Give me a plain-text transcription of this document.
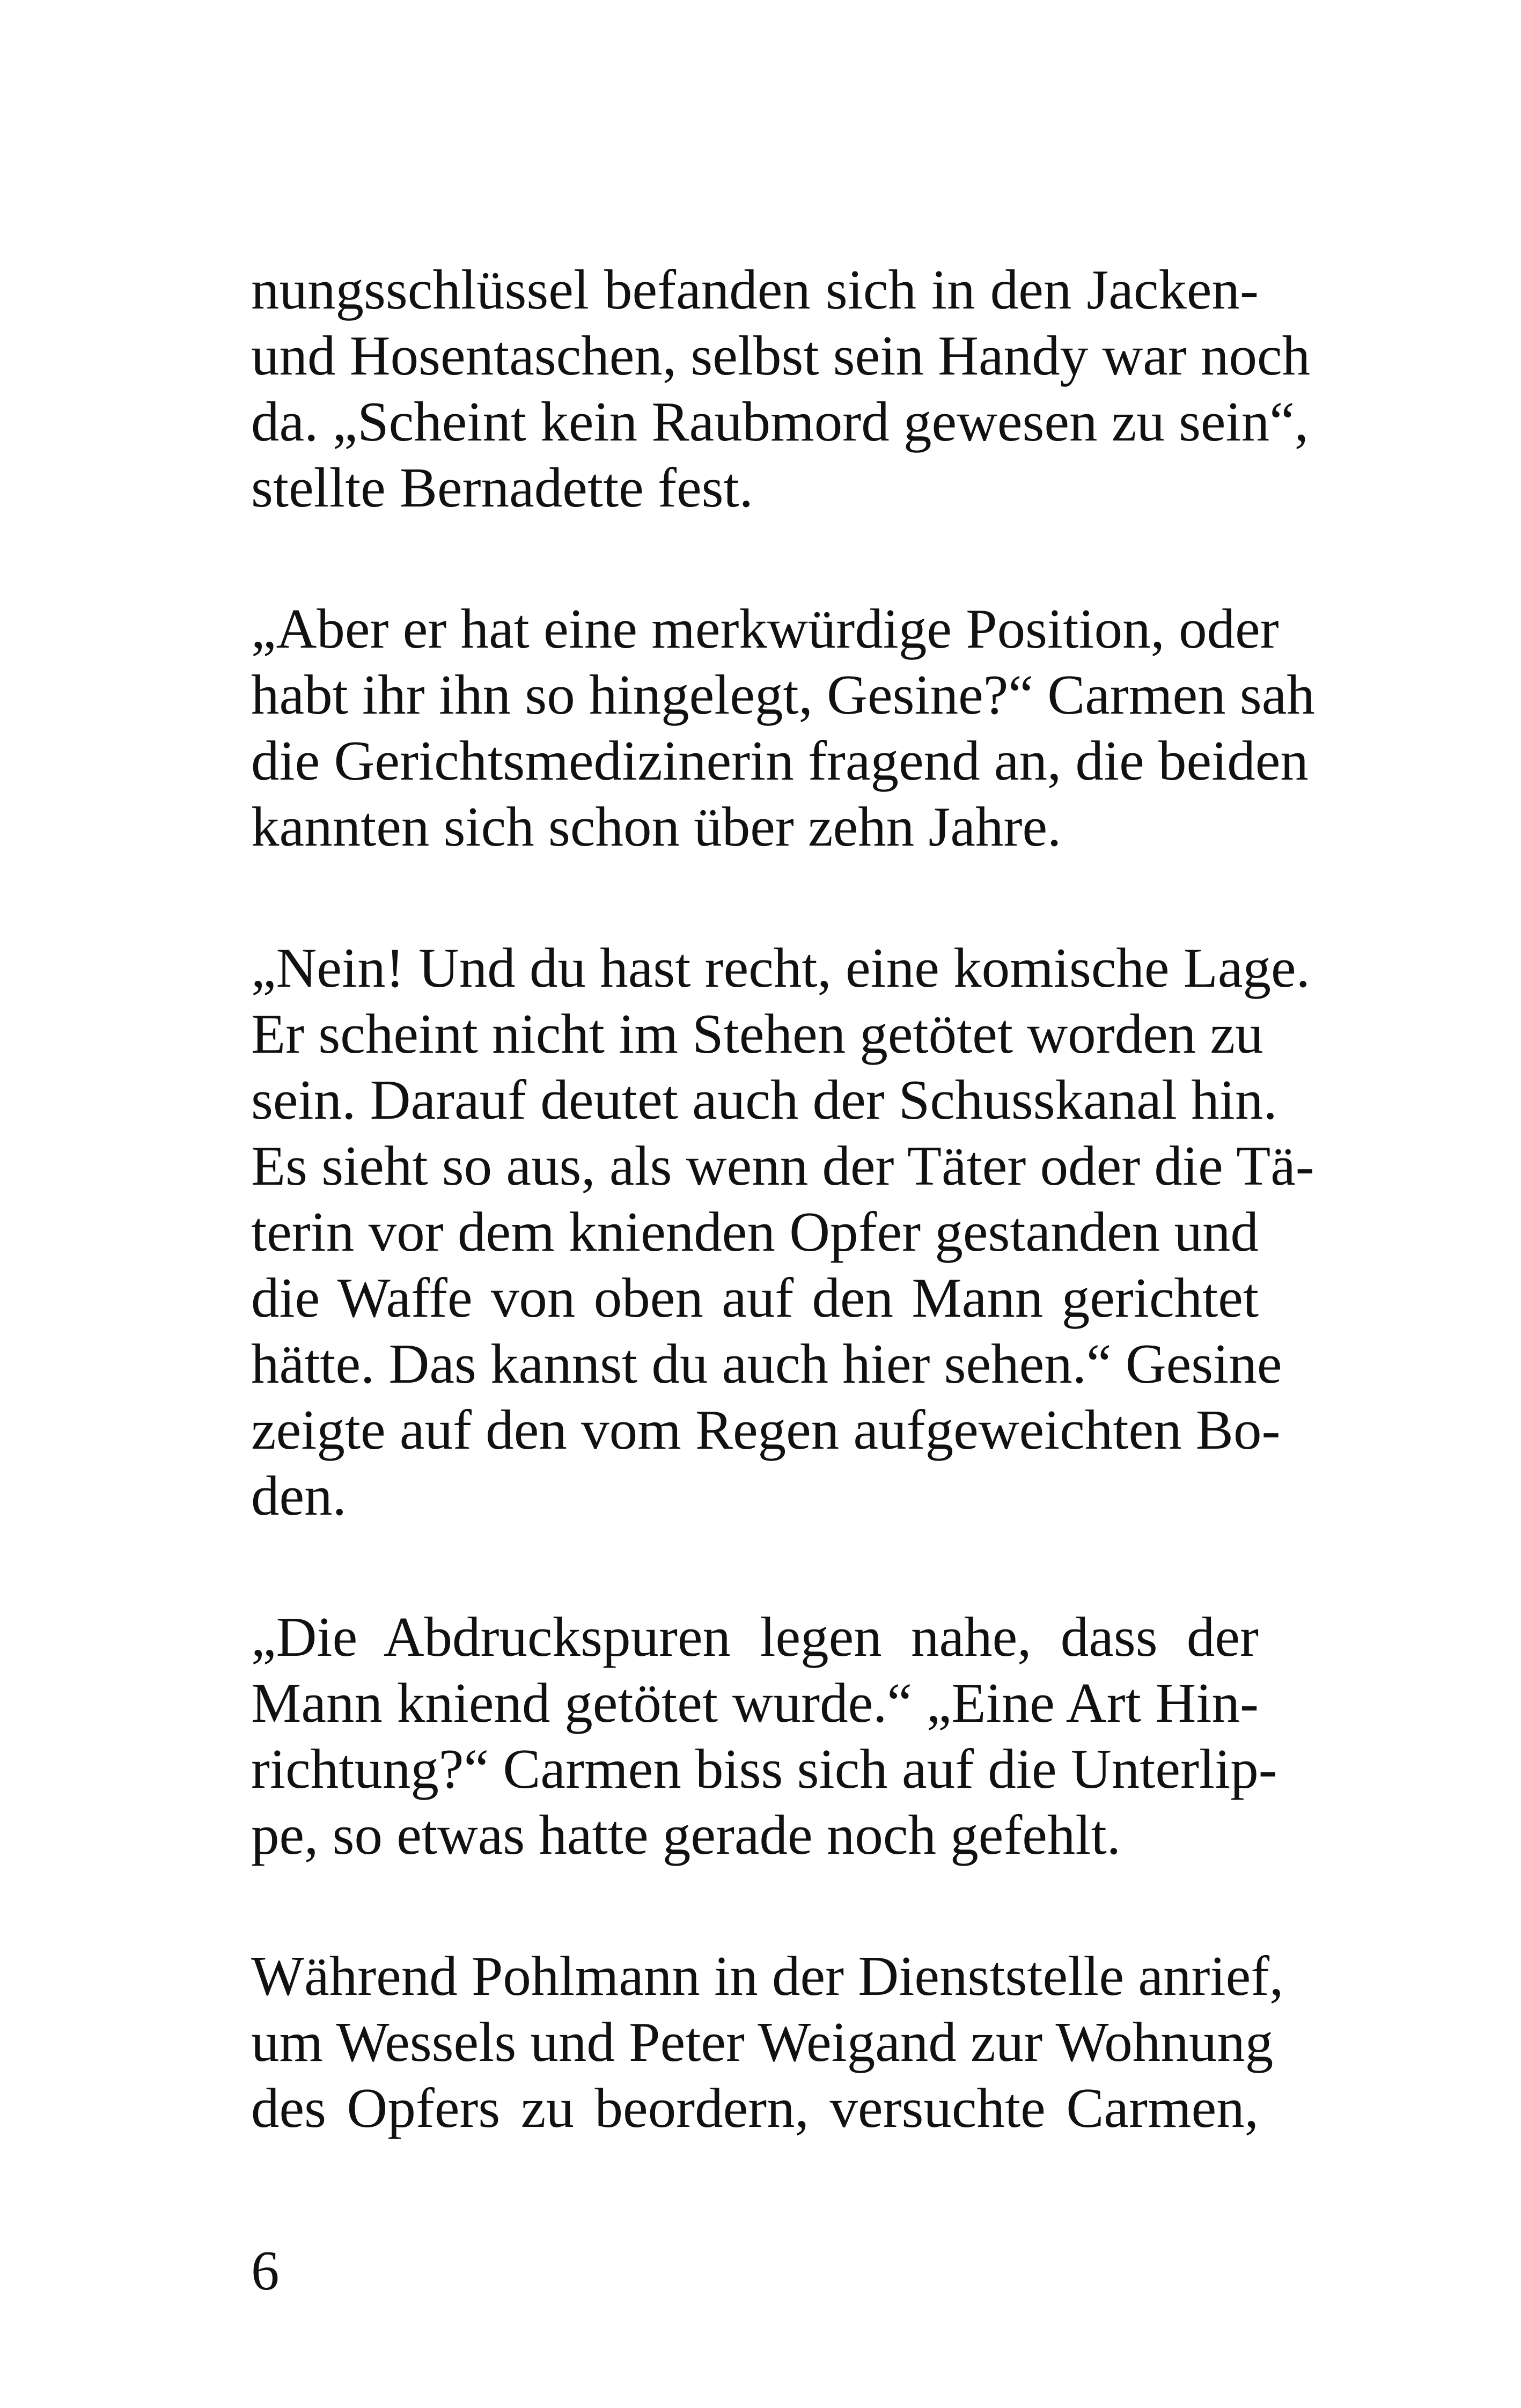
nungsschlüssel befanden sich in den Jacken-
und Hosentaschen, selbst sein Handy war noch
da. „Scheint kein Raubmord gewesen zu sein“,
stellte Bernadette fest.
„Aber er hat eine merkwürdige Position, oder
habt ihr ihn so hingelegt, Gesine?“ Carmen sah
die Gerichtsmedizinerin fragend an, die beiden
kannten sich schon über zehn Jahre.
„Nein! Und du hast recht, eine komische Lage.
Er scheint nicht im Stehen getötet worden zu
sein. Darauf deutet auch der Schusskanal hin.
Es sieht so aus, als wenn der Täter oder die Tä-
terin vor dem knienden Opfer gestanden und
die Waffe von oben auf den Mann gerichtet
hätte. Das kannst du auch hier sehen.“ Gesine
zeigte auf den vom Regen aufgeweichten Bo-
den.
„Die Abdruckspuren legen nahe, dass der
Mann kniend getötet wurde.“ „Eine Art Hin-
richtung?“ Carmen biss sich auf die Unterlip-
pe, so etwas hatte gerade noch gefehlt.
Während Pohlmann in der Dienststelle anrief,
um Wessels und Peter Weigand zur Wohnung
des Opfers zu beordern, versuchte Carmen,
6
